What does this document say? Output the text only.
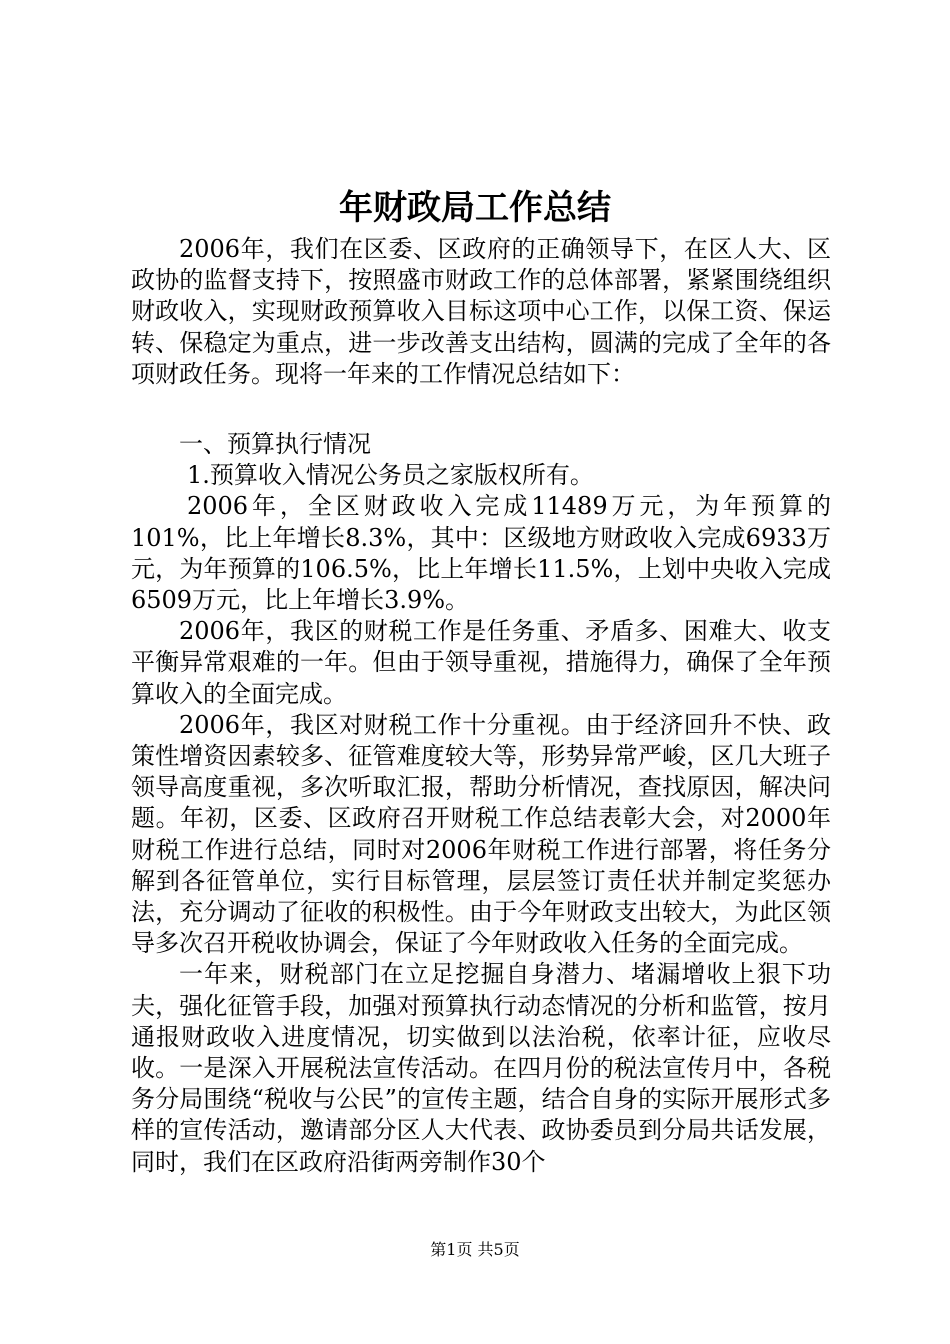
年财政局工作总结

2006年，我们在区委、区政府的正确领导下，在区人大、区政协的监督支持下，按照盛市财政工作的总体部署，紧紧围绕组织财政收入，实现财政预算收入目标这项中心工作，以保工资、保运转、保稳定为重点，进一步改善支出结构，圆满的完成了全年的各项财政任务。现将一年来的工作情况总结如下：

一、预算执行情况

1.预算收入情况公务员之家版权所有。

2006年，全区财政收入完成11489万元，为年预算的101%，比上年增长8.3%，其中：区级地方财政收入完成6933万元，为年预算的106.5%，比上年增长11.5%，上划中央收入完成6509万元，比上年增长3.9%。

2006年，我区的财税工作是任务重、矛盾多、困难大、收支平衡异常艰难的一年。但由于领导重视，措施得力，确保了全年预算收入的全面完成。

2006年，我区对财税工作十分重视。由于经济回升不快、政策性增资因素较多、征管难度较大等，形势异常严峻，区几大班子领导高度重视，多次听取汇报，帮助分析情况，查找原因，解决问题。年初，区委、区政府召开财税工作总结表彰大会，对2000年财税工作进行总结，同时对2006年财税工作进行部署，将任务分解到各征管单位，实行目标管理，层层签订责任状并制定奖惩办法，充分调动了征收的积极性。由于今年财政支出较大，为此区领导多次召开税收协调会，保证了今年财政收入任务的全面完成。

一年来，财税部门在立足挖掘自身潜力、堵漏增收上狠下功夫，强化征管手段，加强对预算执行动态情况的分析和监管，按月通报财政收入进度情况，切实做到以法治税，依率计征，应收尽收。一是深入开展税法宣传活动。在四月份的税法宣传月中，各税务分局围绕“税收与公民”的宣传主题，结合自身的实际开展形式多样的宣传活动，邀请部分区人大代表、政协委员到分局共话发展，同时，我们在区政府沿街两旁制作30个

第1页 共5页
